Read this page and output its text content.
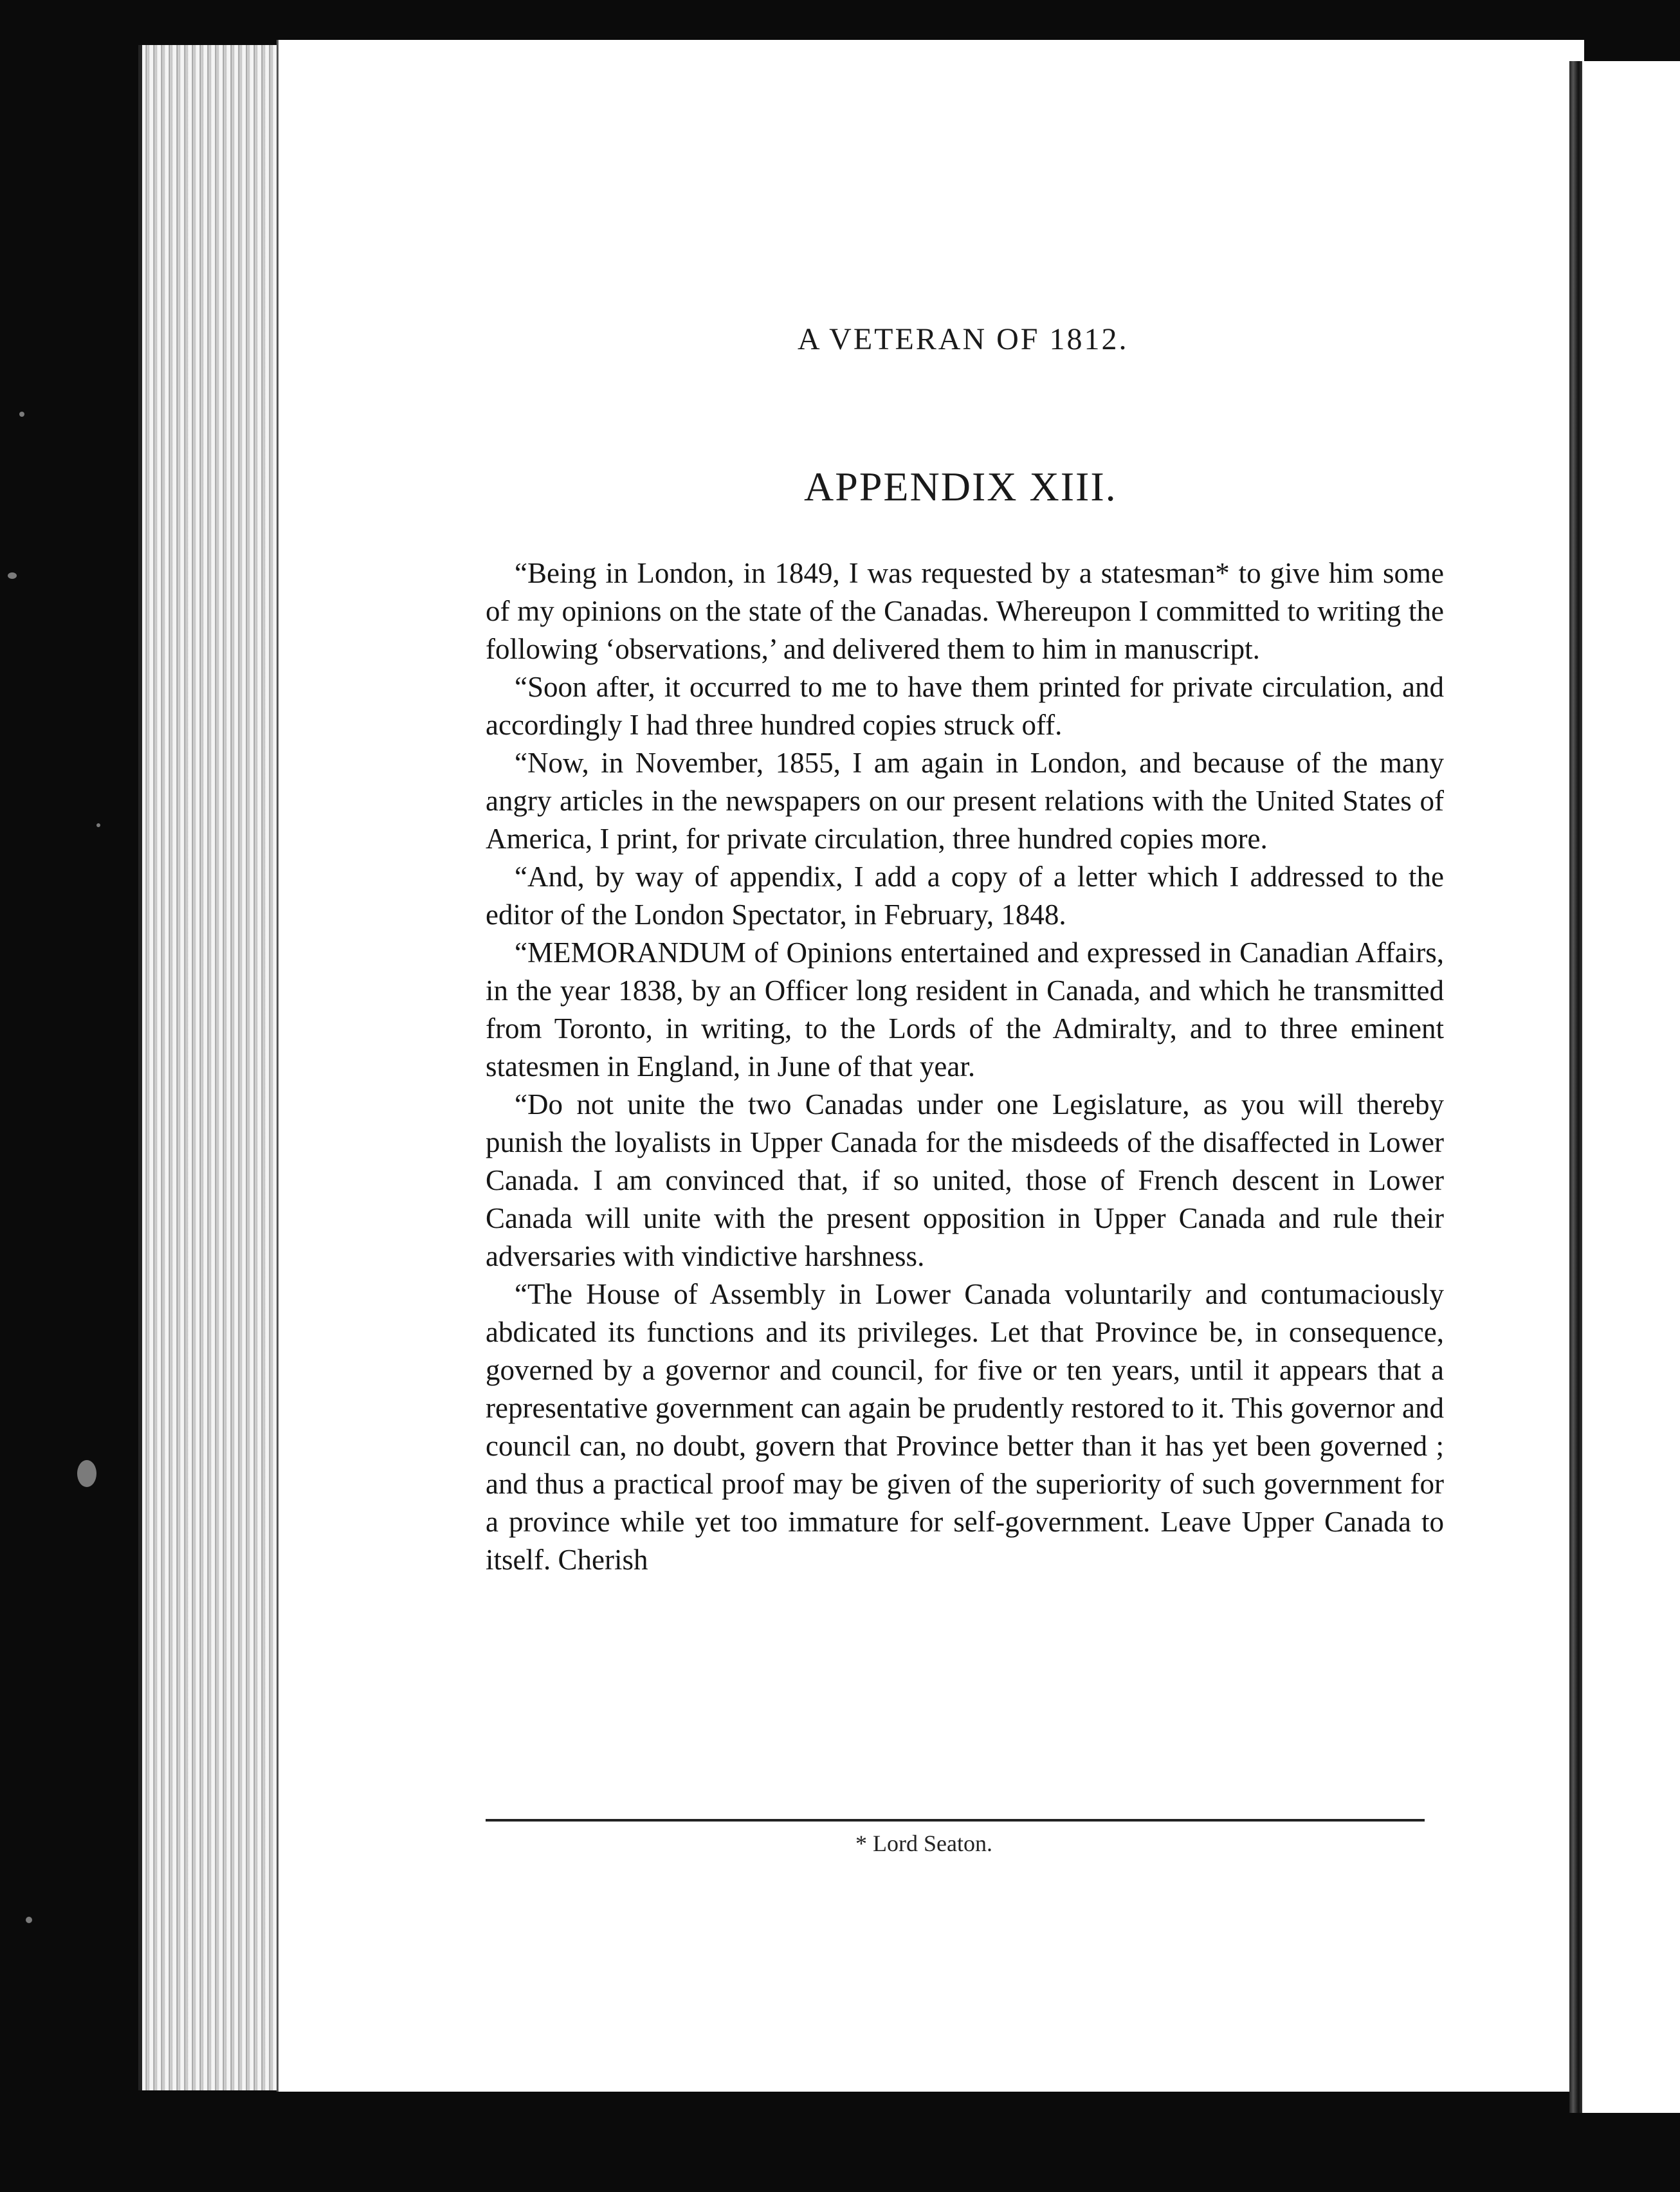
A VETERAN OF 1812.
APPENDIX XIII.

“Being in London, in 1849, I was requested by a statesman* to give him some of my opinions on the state of the Canadas. Whereupon I committed to writing the following ‘observations,’ and delivered them to him in manuscript.

“Soon after, it occurred to me to have them printed for private circulation, and accordingly I had three hundred copies struck off.

“Now, in November, 1855, I am again in London, and because of the many angry articles in the newspapers on our present relations with the United States of America, I print, for private circulation, three hundred copies more.

“And, by way of appendix, I add a copy of a letter which I addressed to the editor of the London Spectator, in February, 1848.

“MEMORANDUM of Opinions entertained and expressed in Canadian Affairs, in the year 1838, by an Officer long resident in Canada, and which he transmitted from Toronto, in writing, to the Lords of the Admiralty, and to three eminent statesmen in England, in June of that year.

“Do not unite the two Canadas under one Legislature, as you will thereby punish the loyalists in Upper Canada for the misdeeds of the disaffected in Lower Canada. I am convinced that, if so united, those of French descent in Lower Canada will unite with the present opposition in Upper Canada and rule their adversaries with vindictive harshness.

“The House of Assembly in Lower Canada voluntarily and contumaciously abdicated its functions and its privileges. Let that Province be, in consequence, governed by a governor and council, for five or ten years, until it appears that a representative government can again be prudently restored to it. This governor and council can, no doubt, govern that Province better than it has yet been governed ; and thus a practical proof may be given of the superiority of such government for a province while yet too immature for self-government. Leave Upper Canada to itself. Cherish

* Lord Seaton.
